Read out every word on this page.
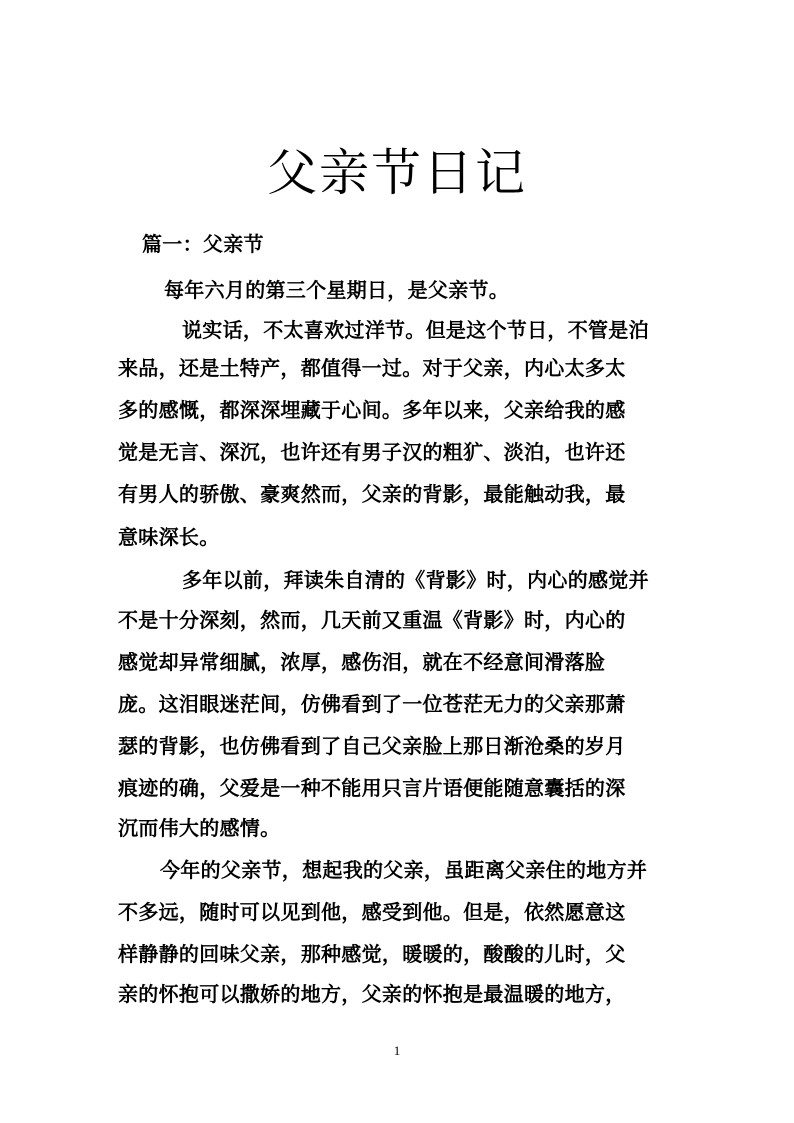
父亲节日记
篇一：父亲节
每年六月的第三个星期日，是父亲节。
说实话，不太喜欢过洋节。但是这个节日，不管是泊
来品，还是土特产，都值得一过。对于父亲，内心太多太
多的感慨，都深深埋藏于心间。多年以来，父亲给我的感
觉是无言、深沉，也许还有男子汉的粗犷、淡泊，也许还
有男人的骄傲、豪爽然而，父亲的背影，最能触动我，最
意味深长。
多年以前，拜读朱自清的《背影》时，内心的感觉并
不是十分深刻，然而，几天前又重温《背影》时，内心的
感觉却异常细腻，浓厚，感伤泪，就在不经意间滑落脸
庞。这泪眼迷茫间，仿佛看到了一位苍茫无力的父亲那萧
瑟的背影，也仿佛看到了自己父亲脸上那日渐沧桑的岁月
痕迹的确，父爱是一种不能用只言片语便能随意囊括的深
沉而伟大的感情。
今年的父亲节，想起我的父亲，虽距离父亲住的地方并
不多远，随时可以见到他，感受到他。但是，依然愿意这
样静静的回味父亲，那种感觉，暖暖的，酸酸的儿时，父
亲的怀抱可以撒娇的地方，父亲的怀抱是最温暖的地方，
1
